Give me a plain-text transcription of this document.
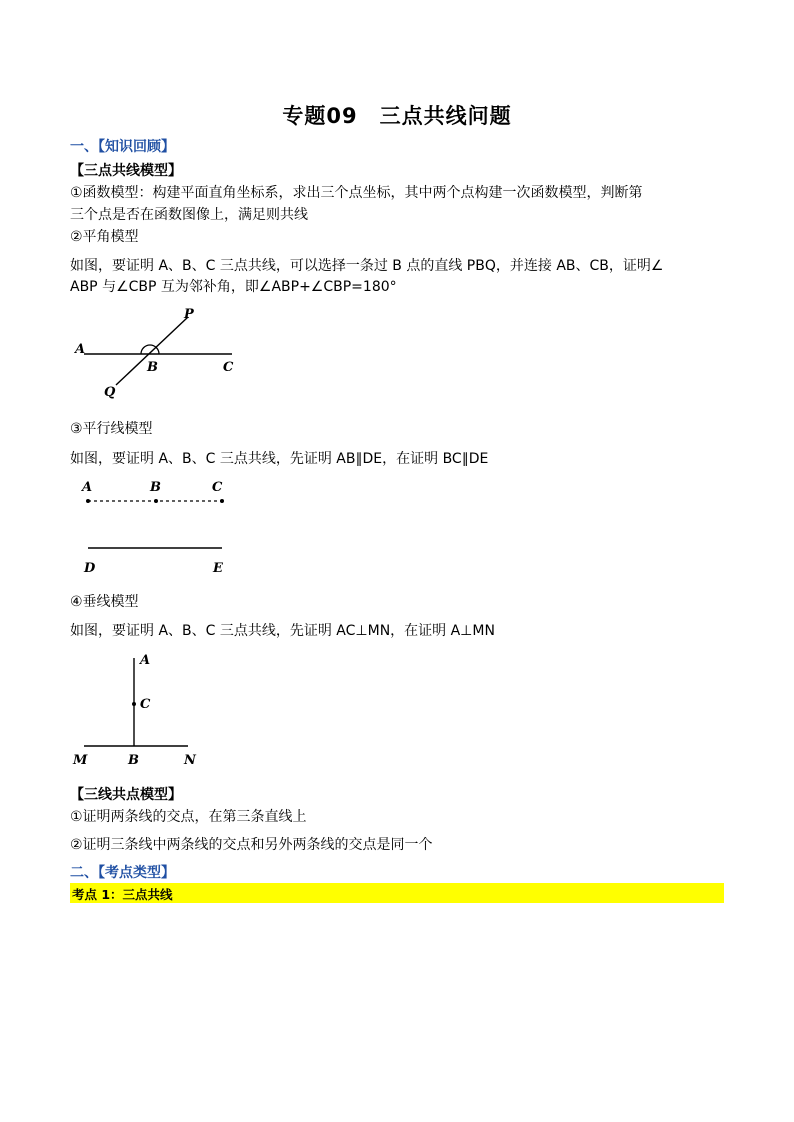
专题09　三点共线问题
一、【知识回顾】
【三点共线模型】
①函数模型：构建平面直角坐标系，求出三个点坐标，其中两个点构建一次函数模型，判断第
三个点是否在函数图像上，满足则共线
②平角模型
如图，要证明 A、B、C 三点共线，可以选择一条过 B 点的直线 PBQ，并连接 AB、CB，证明∠
ABP 与∠CBP 互为邻补角，即∠ABP+∠CBP=180°
A
B	C
P
Q
③平行线模型
如图，要证明 A、B、C 三点共线，先证明 AB∥DE，在证明 BC∥DE
A	B	C
D	E
④垂线模型
如图，要证明 A、B、C 三点共线，先证明 AC⊥MN，在证明 A⊥MN
A
C
M	B	N
【三线共点模型】
①证明两条线的交点，在第三条直线上
②证明三条线中两条线的交点和另外两条线的交点是同一个
二、【考点类型】
考点 1：三点共线
